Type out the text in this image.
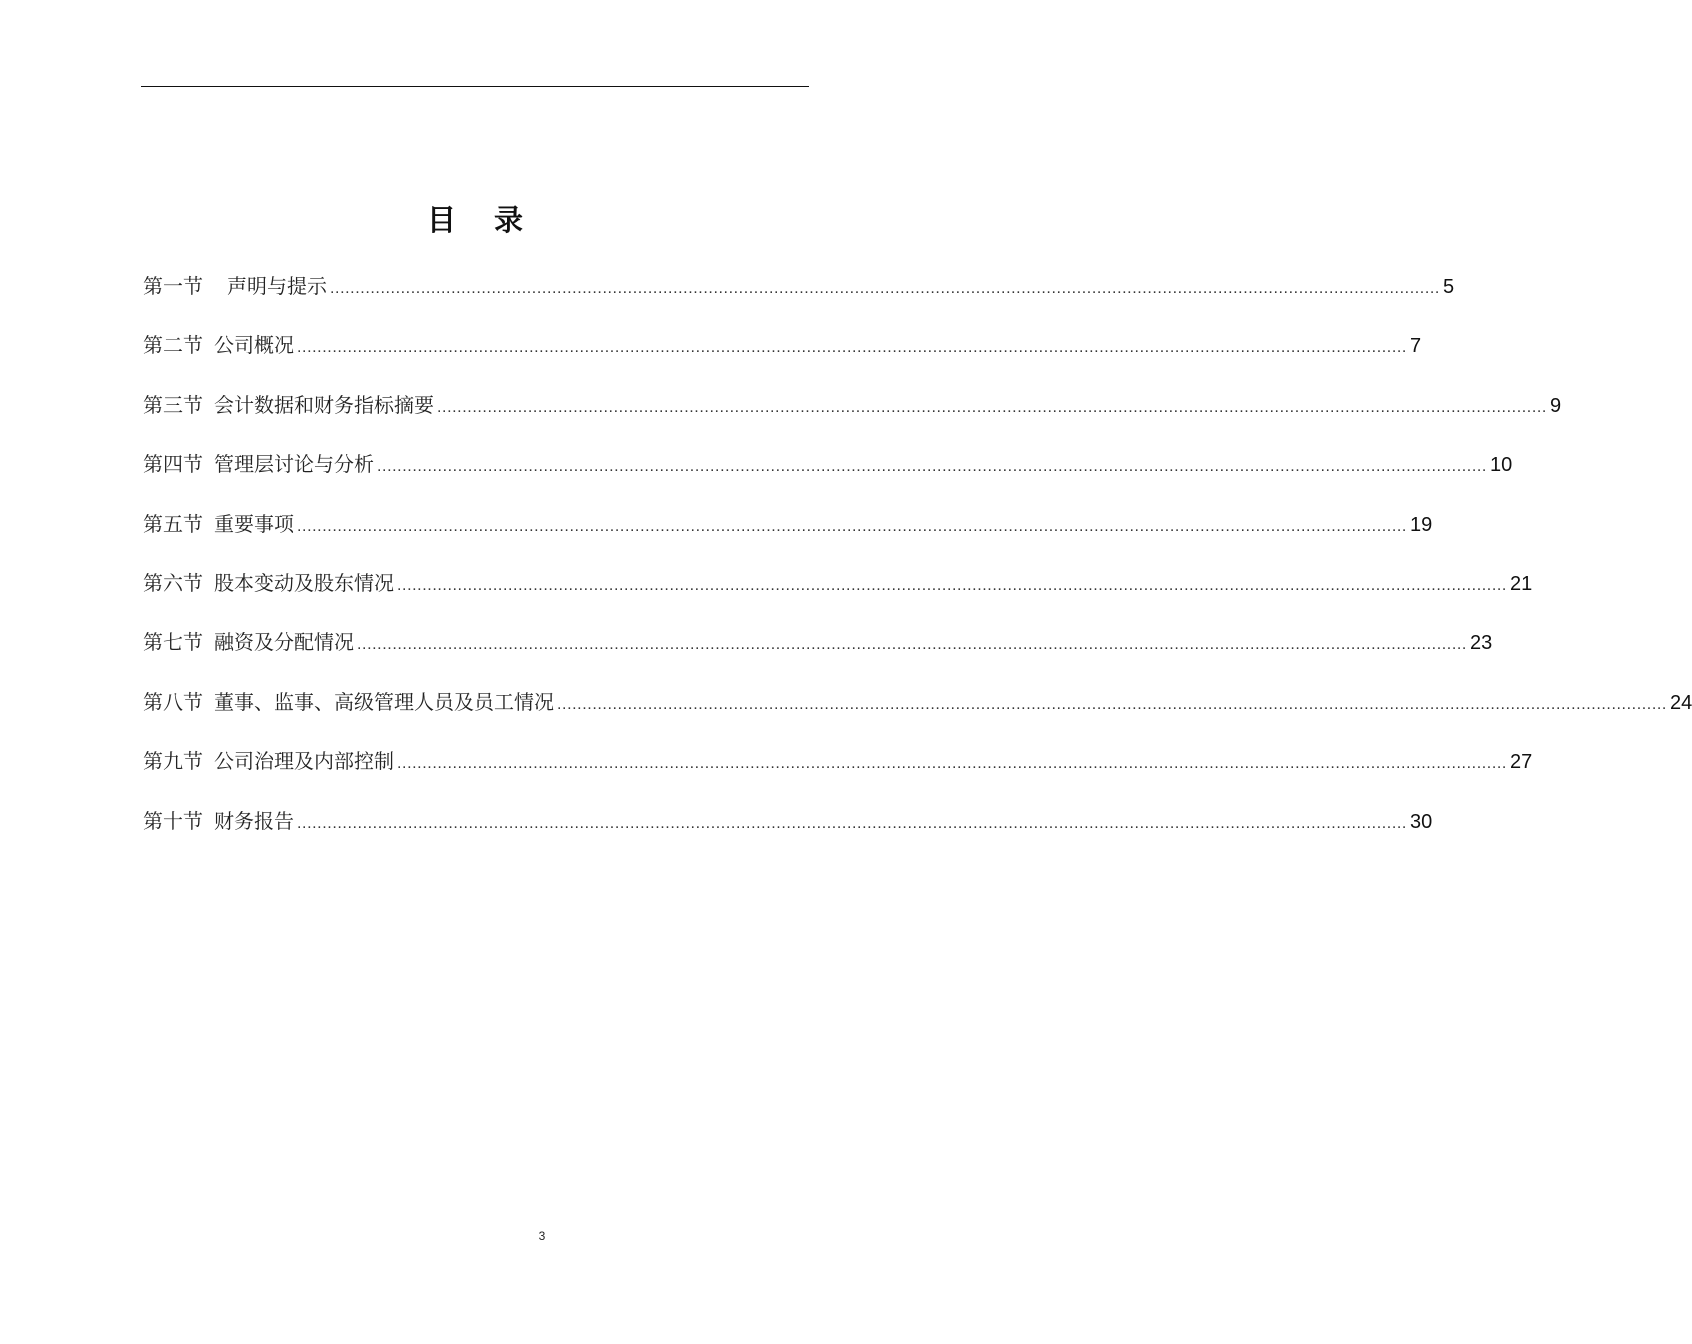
目 录
第一节 声明与提示 ............................................................................................................................................................................................................................ 5
第二节 公司概况 ............................................................................................................................................................................................................................ 7
第三节 会计数据和财务指标摘要 ............................................................................................................................................................................................................................ 9
第四节 管理层讨论与分析 ............................................................................................................................................................................................................................ 10
第五节 重要事项 ............................................................................................................................................................................................................................ 19
第六节 股本变动及股东情况 ............................................................................................................................................................................................................................ 21
第七节 融资及分配情况 ............................................................................................................................................................................................................................ 23
第八节 董事、监事、高级管理人员及员工情况 ............................................................................................................................................................................................................................ 24
第九节 公司治理及内部控制 ............................................................................................................................................................................................................................ 27
第十节 财务报告 ............................................................................................................................................................................................................................ 30
3
